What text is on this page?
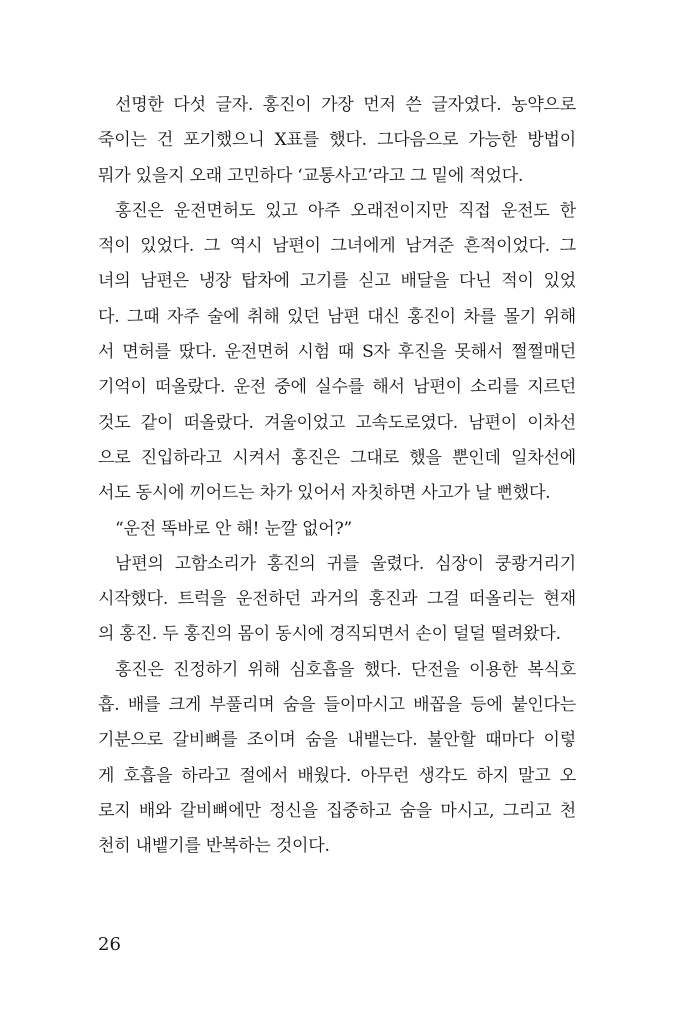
선명한 다섯 글자. 홍진이 가장 먼저 쓴 글자였다. 농약으로
죽이는 건 포기했으니 X표를 했다. 그다음으로 가능한 방법이
뭐가 있을지 오래 고민하다 ‘교통사고’라고 그 밑에 적었다.
홍진은 운전면허도 있고 아주 오래전이지만 직접 운전도 한
적이 있었다. 그 역시 남편이 그녀에게 남겨준 흔적이었다. 그
녀의 남편은 냉장 탑차에 고기를 싣고 배달을 다닌 적이 있었
다. 그때 자주 술에 취해 있던 남편 대신 홍진이 차를 몰기 위해
서 면허를 땄다. 운전면허 시험 때 S자 후진을 못해서 쩔쩔매던
기억이 떠올랐다. 운전 중에 실수를 해서 남편이 소리를 지르던
것도 같이 떠올랐다. 겨울이었고 고속도로였다. 남편이 이차선
으로 진입하라고 시켜서 홍진은 그대로 했을 뿐인데 일차선에
서도 동시에 끼어드는 차가 있어서 자칫하면 사고가 날 뻔했다.
“운전 똑바로 안 해! 눈깔 없어?”
남편의 고함소리가 홍진의 귀를 울렸다. 심장이 쿵쾅거리기
시작했다. 트럭을 운전하던 과거의 홍진과 그걸 떠올리는 현재
의 홍진. 두 홍진의 몸이 동시에 경직되면서 손이 덜덜 떨려왔다.
홍진은 진정하기 위해 심호흡을 했다. 단전을 이용한 복식호
흡. 배를 크게 부풀리며 숨을 들이마시고 배꼽을 등에 붙인다는
기분으로 갈비뼈를 조이며 숨을 내뱉는다. 불안할 때마다 이렇
게 호흡을 하라고 절에서 배웠다. 아무런 생각도 하지 말고 오
로지 배와 갈비뼈에만 정신을 집중하고 숨을 마시고, 그리고 천
천히 내뱉기를 반복하는 것이다.
26
